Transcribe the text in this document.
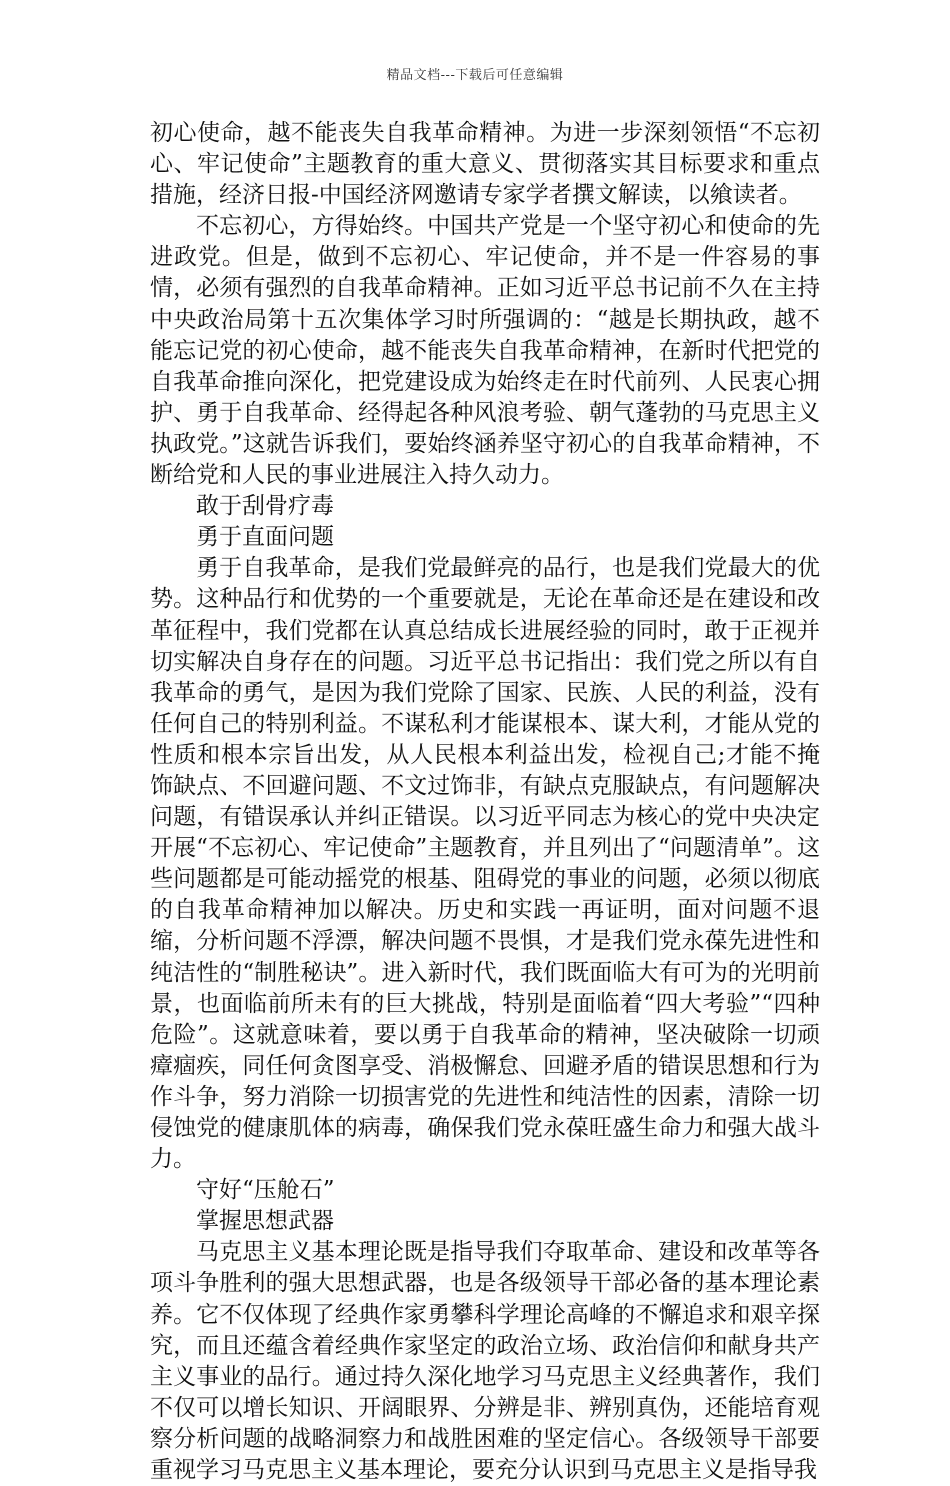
精品文档---下载后可任意编辑

初心使命，越不能丧失自我革命精神。为进一步深刻领悟“不忘初心、牢记使命”主题教育的重大意义、贯彻落实其目标要求和重点措施，经济日报-中国经济网邀请专家学者撰文解读，以飨读者。

不忘初心，方得始终。中国共产党是一个坚守初心和使命的先进政党。但是，做到不忘初心、牢记使命，并不是一件容易的事情，必须有强烈的自我革命精神。正如习近平总书记前不久在主持中央政治局第十五次集体学习时所强调的：“越是长期执政，越不能忘记党的初心使命，越不能丧失自我革命精神，在新时代把党的自我革命推向深化，把党建设成为始终走在时代前列、人民衷心拥护、勇于自我革命、经得起各种风浪考验、朝气蓬勃的马克思主义执政党。”这就告诉我们，要始终涵养坚守初心的自我革命精神，不断给党和人民的事业进展注入持久动力。

敢于刮骨疗毒

勇于直面问题

勇于自我革命，是我们党最鲜亮的品行，也是我们党最大的优势。这种品行和优势的一个重要就是，无论在革命还是在建设和改革征程中，我们党都在认真总结成长进展经验的同时，敢于正视并切实解决自身存在的问题。习近平总书记指出：我们党之所以有自我革命的勇气，是因为我们党除了国家、民族、人民的利益，没有任何自己的特别利益。不谋私利才能谋根本、谋大利，才能从党的性质和根本宗旨出发，从人民根本利益出发，检视自己;才能不掩饰缺点、不回避问题、不文过饰非，有缺点克服缺点，有问题解决问题，有错误承认并纠正错误。以习近平同志为核心的党中央决定开展“不忘初心、牢记使命”主题教育，并且列出了“问题清单”。这些问题都是可能动摇党的根基、阻碍党的事业的问题，必须以彻底的自我革命精神加以解决。历史和实践一再证明，面对问题不退缩，分析问题不浮漂，解决问题不畏惧，才是我们党永葆先进性和纯洁性的“制胜秘诀”。进入新时代，我们既面临大有可为的光明前景，也面临前所未有的巨大挑战，特别是面临着“四大考验”“四种危险”。这就意味着，要以勇于自我革命的精神，坚决破除一切顽瘴痼疾，同任何贪图享受、消极懈怠、回避矛盾的错误思想和行为作斗争，努力消除一切损害党的先进性和纯洁性的因素，清除一切侵蚀党的健康肌体的病毒，确保我们党永葆旺盛生命力和强大战斗力。

守好“压舱石”

掌握思想武器

马克思主义基本理论既是指导我们夺取革命、建设和改革等各项斗争胜利的强大思想武器，也是各级领导干部必备的基本理论素养。它不仅体现了经典作家勇攀科学理论高峰的不懈追求和艰辛探究，而且还蕴含着经典作家坚定的政治立场、政治信仰和献身共产主义事业的品行。通过持久深化地学习马克思主义经典著作，我们不仅可以增长知识、开阔眼界、分辨是非、辨别真伪，还能培育观察分析问题的战略洞察力和战胜困难的坚定信心。各级领导干部要重视学习马克思主义基本理论，要充分认识到马克思主义是指导我
